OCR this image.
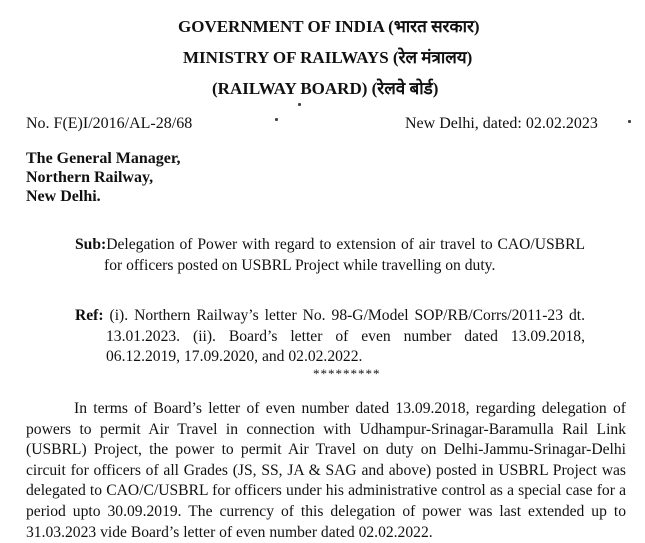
GOVERNMENT OF INDIA (भारत सरकार)
MINISTRY OF RAILWAYS (रेल मंत्रालय)
(RAILWAY BOARD) (रेलवे बोर्ड)
No. F(E)I/2016/AL-28/68	New Delhi, dated: 02.02.2023
The General Manager,
Northern Railway,
New Delhi.
Sub:Delegation of Power with regard to extension of air travel to CAO/USBRL for officers posted on USBRL Project while travelling on duty.
Ref: (i). Northern Railway’s letter No. 98-G/Model SOP/RB/Corrs/2011-23 dt. 13.01.2023. (ii). Board’s letter of even number dated 13.09.2018, 06.12.2019, 17.09.2020, and 02.02.2022.
*********
In terms of Board’s letter of even number dated 13.09.2018, regarding delegation of powers to permit Air Travel in connection with Udhampur-Srinagar-Baramulla Rail Link (USBRL) Project, the power to permit Air Travel on duty on Delhi-Jammu-Srinagar-Delhi circuit for officers of all Grades (JS, SS, JA & SAG and above) posted in USBRL Project was delegated to CAO/C/USBRL for officers under his administrative control as a special case for a period upto 30.09.2019. The currency of this delegation of power was last extended up to 31.03.2023 vide Board’s letter of even number dated 02.02.2022.
